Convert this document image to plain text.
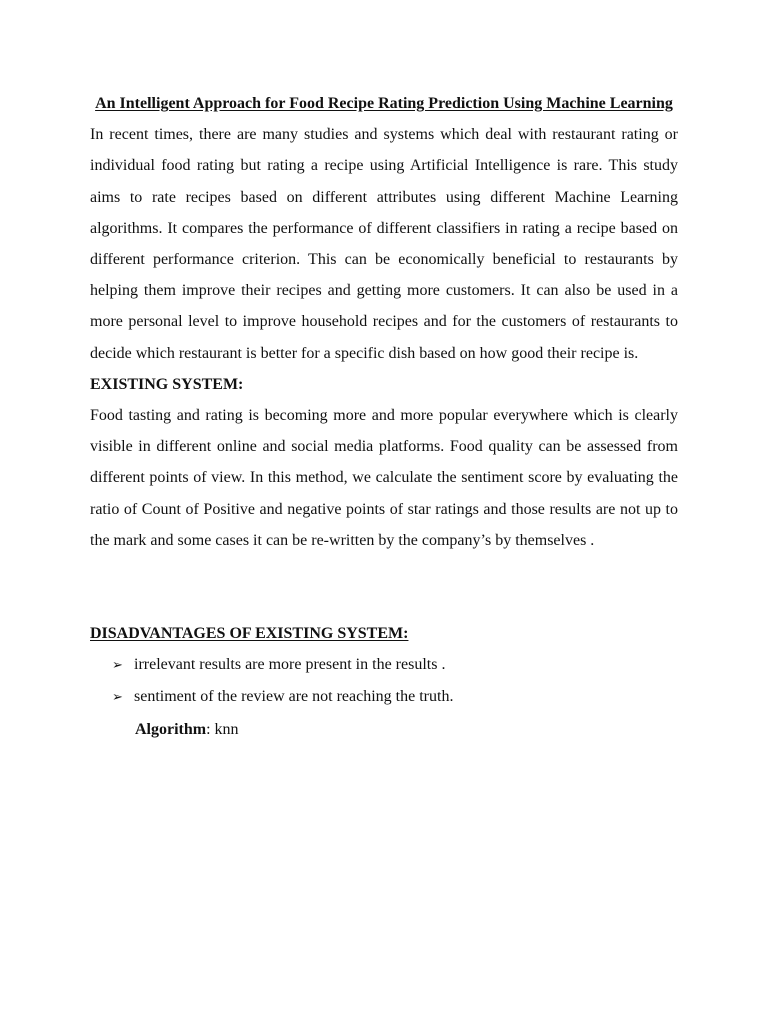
An Intelligent Approach for Food Recipe Rating Prediction Using Machine Learning

In recent times, there are many studies and systems which deal with restaurant rating or individual food rating but rating a recipe using Artificial Intelligence is rare. This study aims to rate recipes based on different attributes using different Machine Learning algorithms. It compares the performance of different classifiers in rating a recipe based on different performance criterion. This can be economically beneficial to restaurants by helping them improve their recipes and getting more customers. It can also be used in a more personal level to improve household recipes and for the customers of restaurants to decide which restaurant is better for a specific dish based on how good their recipe is.

EXISTING SYSTEM:

Food tasting and rating is becoming more and more popular everywhere which is clearly visible in different online and social media platforms. Food quality can be assessed from different points of view. In this method, we calculate the sentiment score by evaluating the ratio of Count of Positive and negative points of star ratings and those results are not up to the mark and some cases it can be re-written by the company’s by themselves .

DISADVANTAGES OF EXISTING SYSTEM:

➢ irrelevant results are more present in the results .
➢ sentiment of the review are not reaching the truth.

Algorithm: knn
